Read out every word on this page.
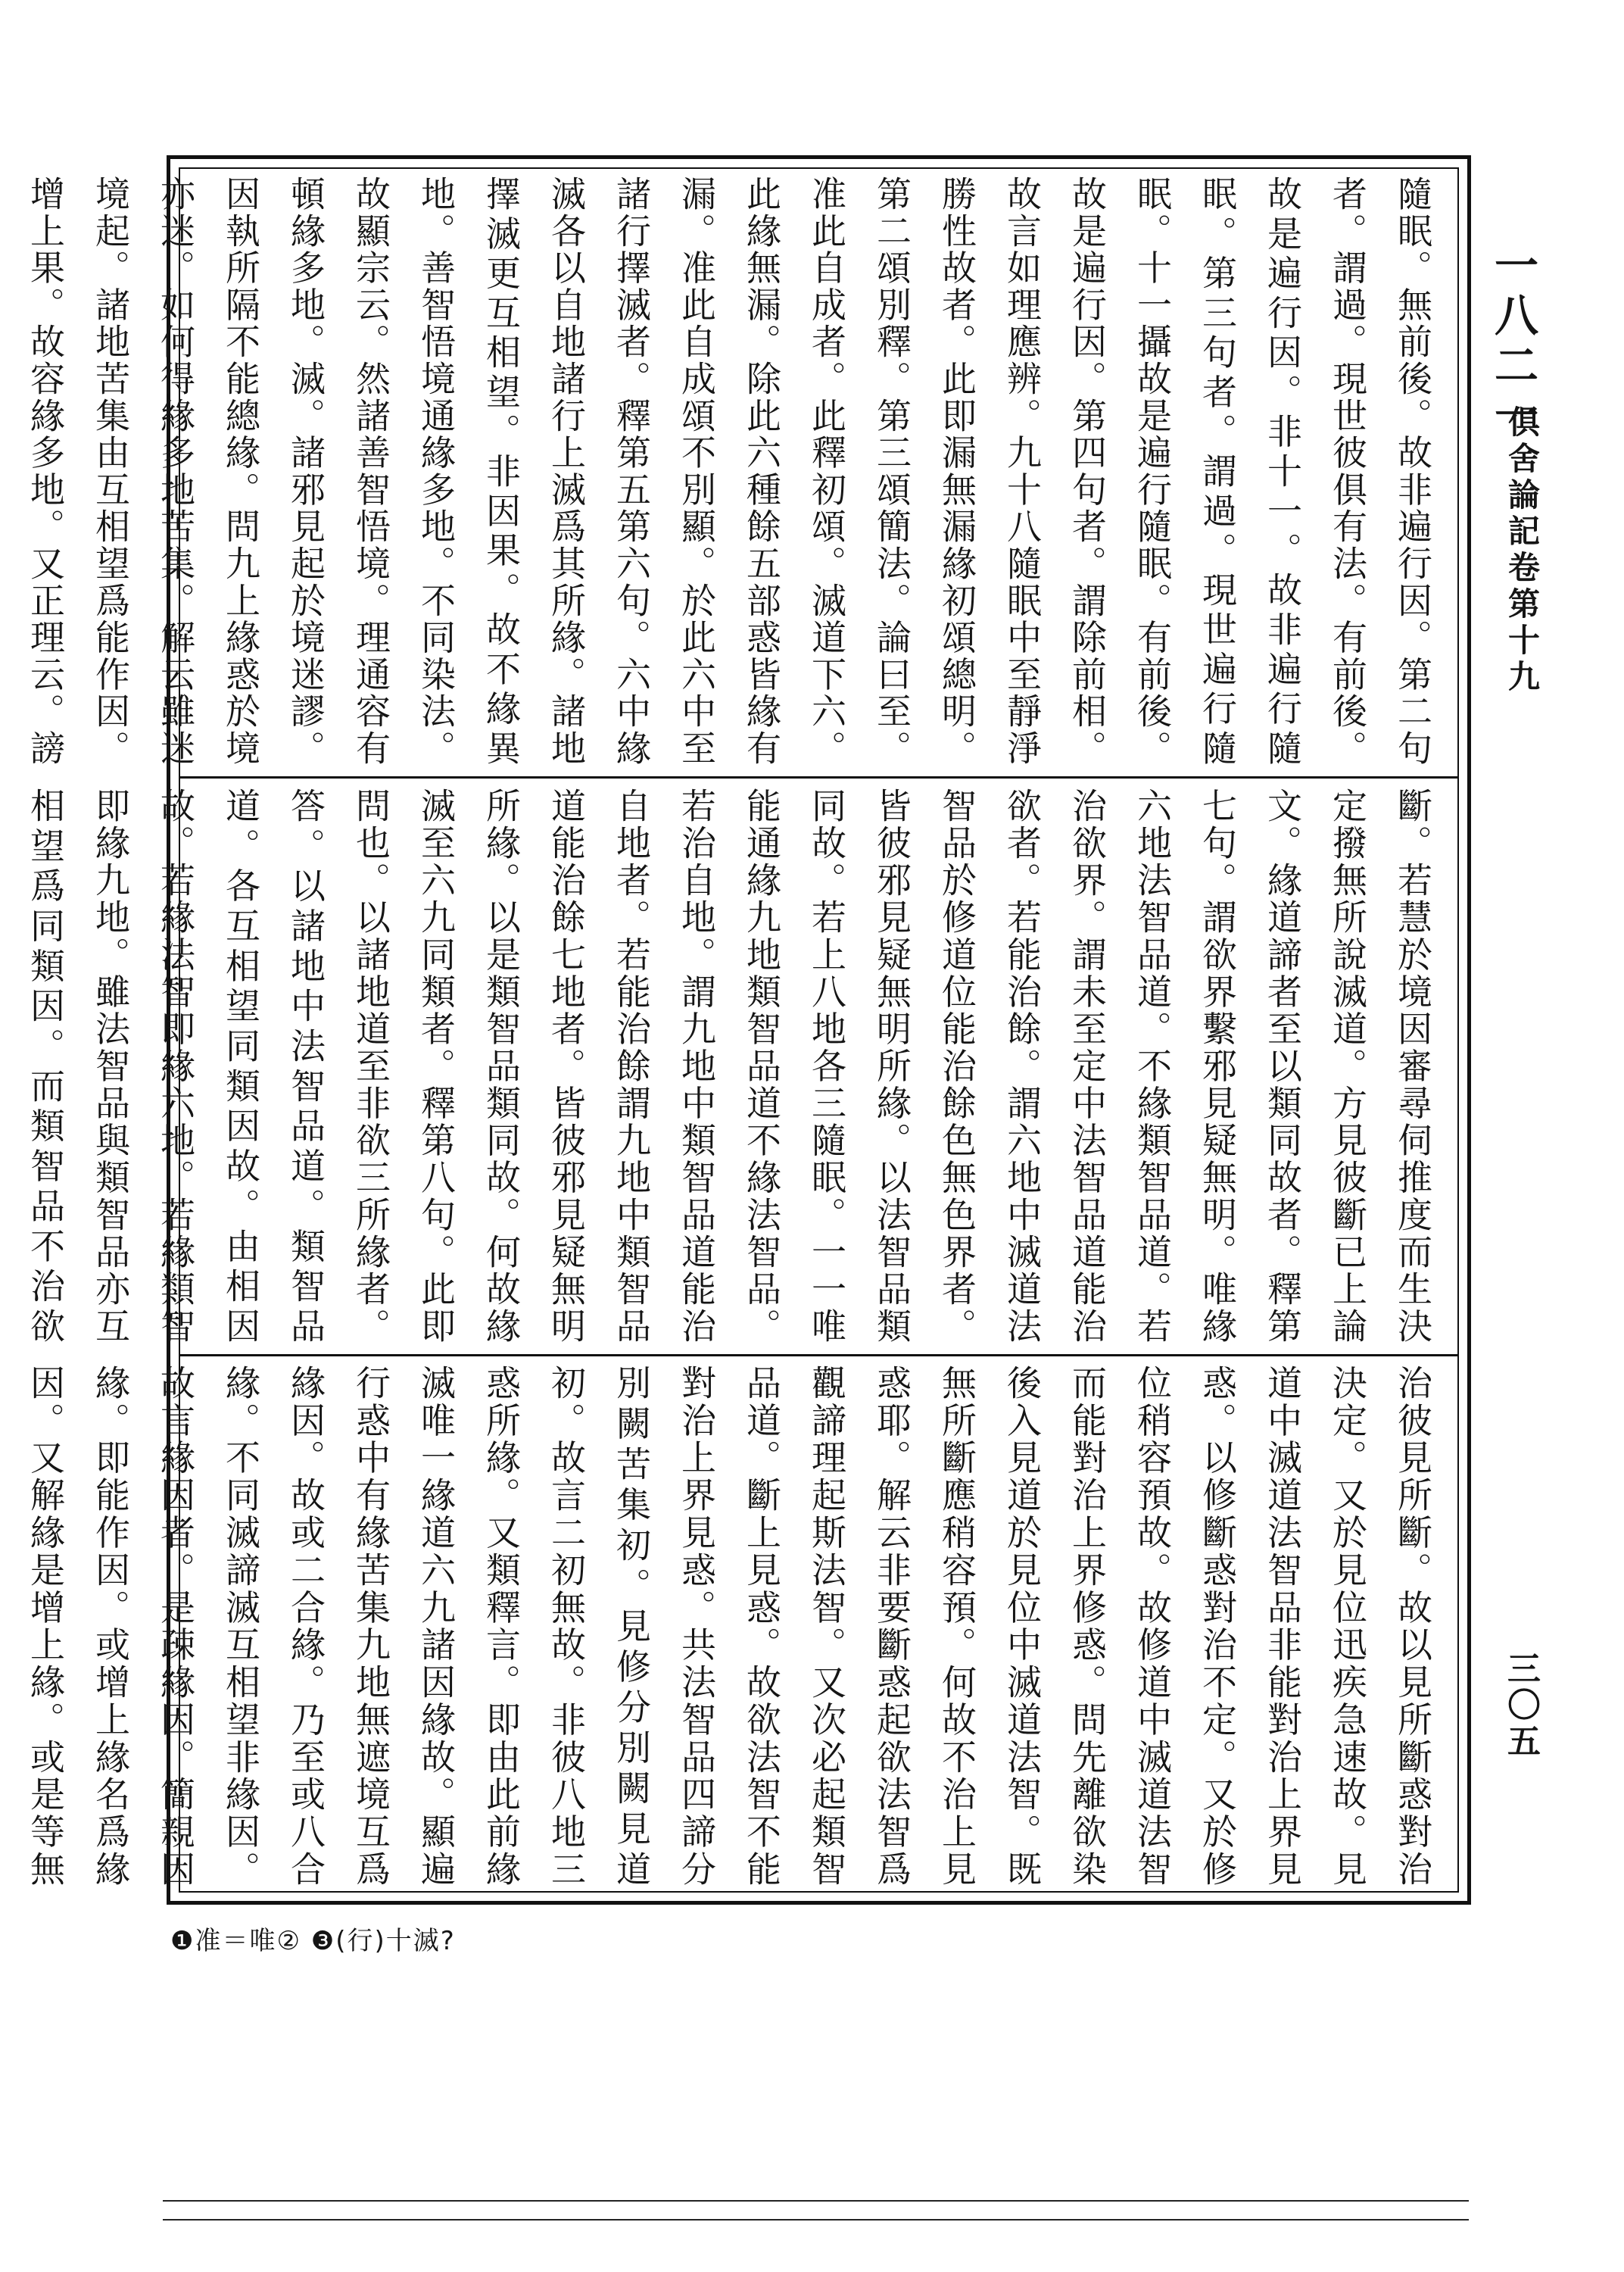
一八二一
俱舍論記卷第十九
三〇五

隨眠。無前後。故非遍行因。第二句者。謂過。現世彼俱有法。有前後。故是遍行因。非十一。故非遍行隨眠。第三句者。謂過。現世遍行隨眠。十一攝故是遍行隨眠。有前後。故是遍行因。第四句者。謂除前相。故言如理應辨。九十八隨眠中至靜淨勝性故者。此即漏無漏緣初頌總明。第二頌別釋。第三頌簡法。論曰至。准此自成者。此釋初頌。滅道下六。此緣無漏。除此六種餘五部惑皆緣有漏。准此自成頌不別顯。於此六中至諸行擇滅者。釋第五第六句。六中緣滅各以自地諸行上滅爲其所緣。諸地擇滅更互相望。非因果。故不緣異地。善智悟境通緣多地。不同染法。故顯宗云。然諸善智悟境。理通容有頓緣多地。滅。諸邪見起於境迷謬。因執所隔不能總緣。問九上緣惑於境亦迷。如何得緣多地苦集。解云雖迷境起。諸地苦集由互相望爲能作因。增上果。故容緣多地。又正理云。謗

斷。若慧於境因審尋伺推度而生決定撥無所說滅道。方見彼斷已上論文。緣道諦者至以類同故者。釋第七句。謂欲界繫邪見疑無明。唯緣六地法智品道。不緣類智品道。若治欲界。謂未至定中法智品道能治欲者。若能治餘。謂六地中滅道法智品於修道位能治餘色無色界者。皆彼邪見疑無明所緣。以法智品類同故。若上八地各三隨眠。一一唯能通緣九地類智品道不緣法智品。若治自地。謂九地中類智品道能治自地者。若能治餘謂九地中類智品道能治餘七地者。皆彼邪見疑無明所緣。以是類智品類同故。何故緣滅至六九同類者。釋第八句。此即問也。以諸地道至非欲三所緣者。答。以諸地中法智品道。類智品道。各互相望同類因故。由相因故。若緣法智即緣六地。若緣類智即緣九地。雖法智品與類智品亦互相望爲同類因。而類智品不治欲

治彼見所斷。故以見所斷惑對治決定。又於見位迅疾急速故。見道中滅道法智品非能對治上界見惑。以修斷惑對治不定。又於修位稍容預故。故修道中滅道法智而能對治上界修惑。問先離欲染後入見道於見位中滅道法智。既無所斷應稍容預。何故不治上見惑耶。解云非要斷惑起欲法智爲觀諦理起斯法智。又次必起類智品道。斷上見惑。故欲法智不能對治上界見惑。共法智品四諦分別闕苦集初。見修分別闕見道初。故言二初無故。非彼八地三惑所緣。又類釋言。即由此前緣滅唯一緣道六九諸因緣故。顯遍行惑中有緣苦集九地無遮境互爲緣因。故或二合緣。乃至或八合緣。不同滅諦滅互相望非緣因。故言緣因者。是疎緣因。簡親因緣。即能作因。或增上緣名爲緣因。又解緣是增上緣。或是等無

❶准＝唯② ❸(行)十滅?
